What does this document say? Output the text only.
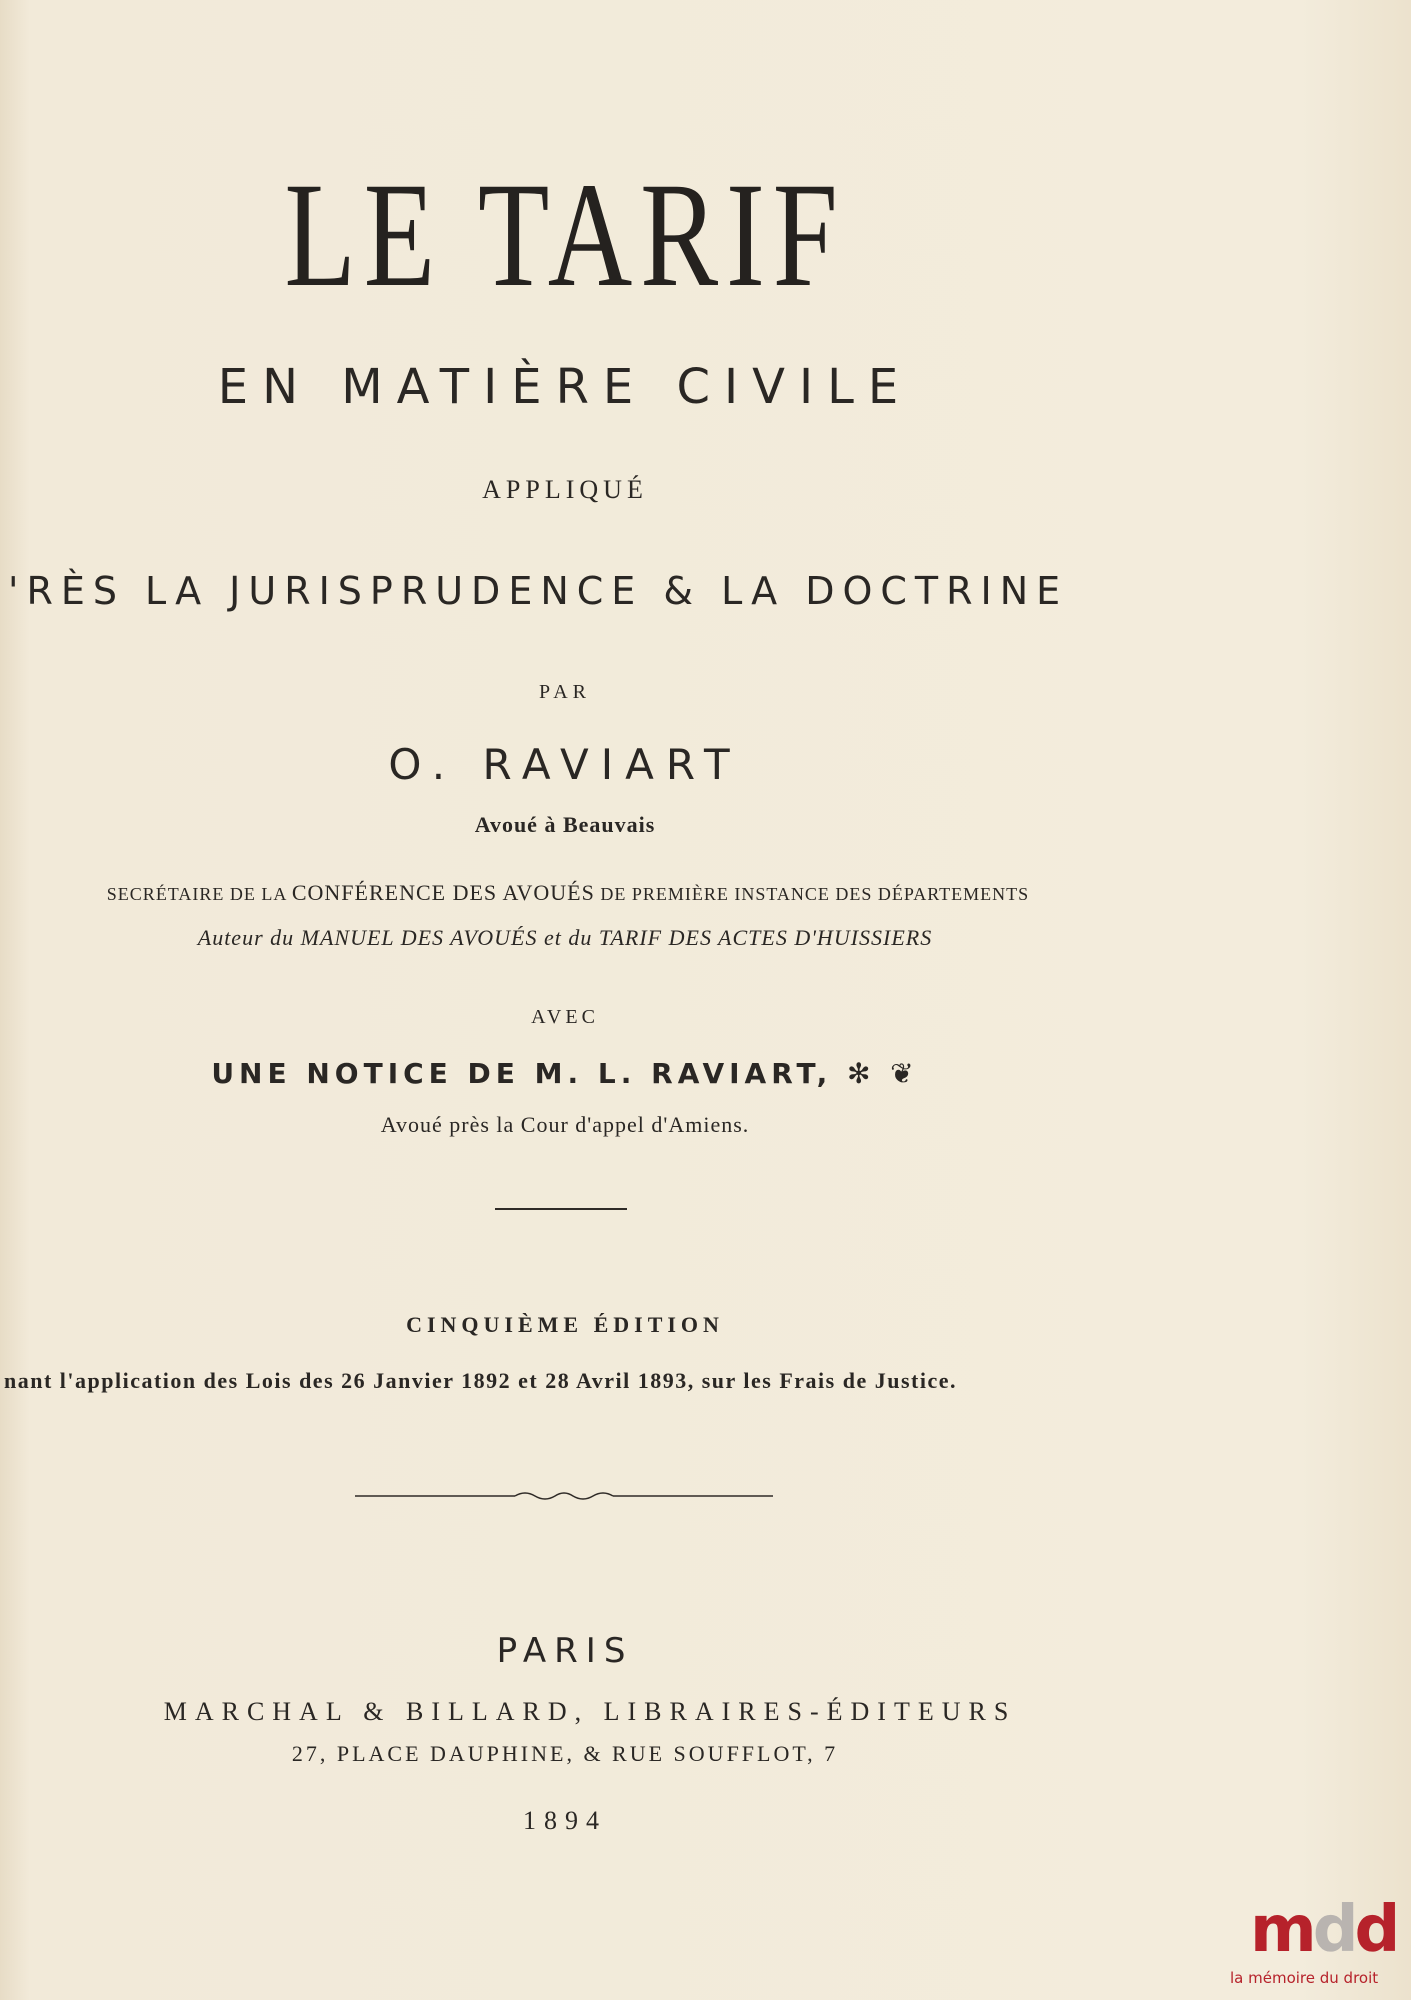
LE TARIF
EN MATIÈRE CIVILE
APPLIQUÉ
'RÈS LA JURISPRUDENCE & LA DOCTRINE
PAR
O. RAVIART
Avoué à Beauvais
SECRÉTAIRE DE LA CONFÉRENCE DES AVOUÉS DE PREMIÈRE INSTANCE DES DÉPARTEMENTS
Auteur du MANUEL DES AVOUÉS et du TARIF DES ACTES D'HUISSIERS
AVEC
UNE NOTICE DE M. L. RAVIART, ✻ ❦
Avoué près la Cour d'appel d'Amiens.
CINQUIÈME ÉDITION
nant l'application des Lois des 26 Janvier 1892 et 28 Avril 1893, sur les Frais de Justice.
PARIS
MARCHAL & BILLARD, LIBRAIRES-ÉDITEURS
27, PLACE DAUPHINE, & RUE SOUFFLOT, 7
1894
mdd
la mémoire du droit
